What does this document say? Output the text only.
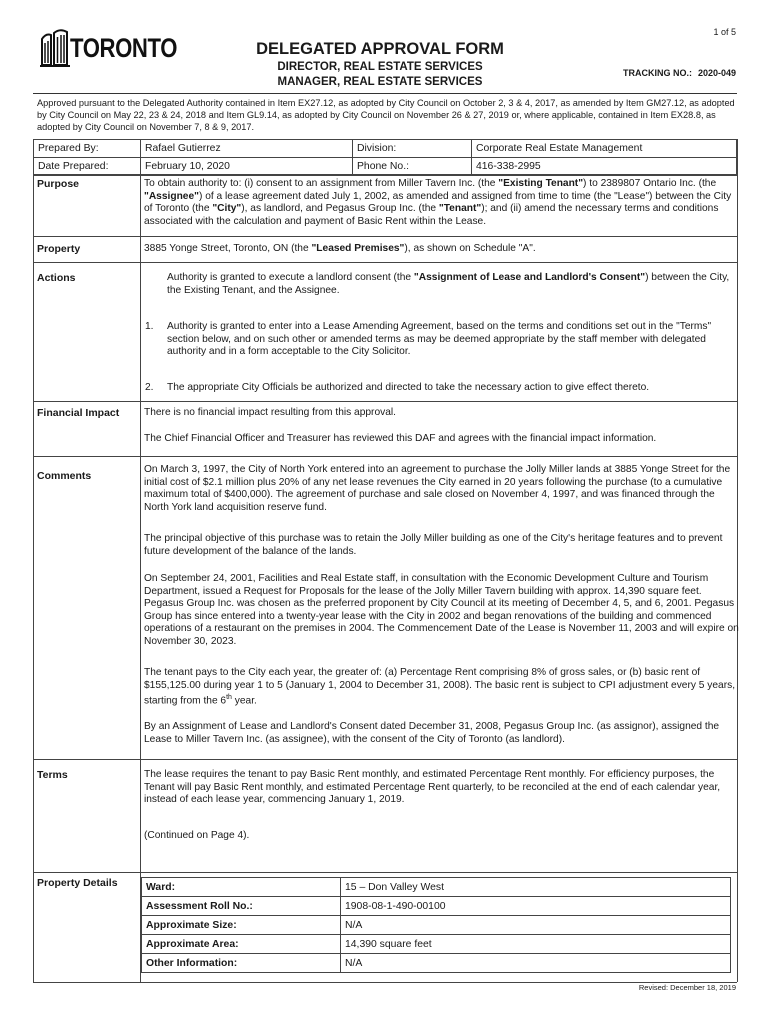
1 of 5
TORONTO	DELEGATED APPROVAL FORM
DIRECTOR, REAL ESTATE SERVICES
MANAGER, REAL ESTATE SERVICES
TRACKING NO.: 2020-049
Approved pursuant to the Delegated Authority contained in Item EX27.12, as adopted by City Council on October 2, 3 & 4, 2017, as amended by Item GM27.12, as adopted by City Council on May 22, 23 & 24, 2018 and Item GL9.14, as adopted by City Council on November 26 & 27, 2019 or, where applicable, contained in Item EX28.8, as adopted by City Council on November 7, 8 & 9, 2017.
Prepared By:	Rafael Gutierrez	Division:	Corporate Real Estate Management
Date Prepared:	February 10, 2020	Phone No.:	416-338-2995
Purpose	To obtain authority to: (i) consent to an assignment from Miller Tavern Inc. (the "Existing Tenant") to 2389807 Ontario Inc. (the "Assignee") of a lease agreement dated July 1, 2002, as amended and assigned from time to time (the "Lease") between the City of Toronto (the "City"), as landlord, and Pegasus Group Inc. (the "Tenant"); and (ii) amend the necessary terms and conditions associated with the calculation and payment of Basic Rent within the Lease.
Property	3885 Yonge Street, Toronto, ON (the "Leased Premises"), as shown on Schedule "A".
Actions	Authority is granted to execute a landlord consent (the "Assignment of Lease and Landlord's Consent") between the City, the Existing Tenant, and the Assignee.
1. Authority is granted to enter into a Lease Amending Agreement, based on the terms and conditions set out in the "Terms" section below, and on such other or amended terms as may be deemed appropriate by the staff member with delegated authority and in a form acceptable to the City Solicitor.
2. The appropriate City Officials be authorized and directed to take the necessary action to give effect thereto.
Financial Impact There is no financial impact resulting from this approval.
The Chief Financial Officer and Treasurer has reviewed this DAF and agrees with the financial impact information.
Comments
On March 3, 1997, the City of North York entered into an agreement to purchase the Jolly Miller lands at 3885 Yonge Street for the initial cost of $2.1 million plus 20% of any net lease revenues the City earned in 20 years following the purchase (to a cumulative maximum total of $400,000). The agreement of purchase and sale closed on November 4, 1997, and was financed through the North York land acquisition reserve fund.
The principal objective of this purchase was to retain the Jolly Miller building as one of the City's heritage features and to prevent future development of the balance of the lands.
On September 24, 2001, Facilities and Real Estate staff, in consultation with the Economic Development Culture and Tourism Department, issued a Request for Proposals for the lease of the Jolly Miller Tavern building with approx. 14,390 square feet. Pegasus Group Inc. was chosen as the preferred proponent by City Council at its meeting of December 4, 5, and 6, 2001. Pegasus Group has since entered into a twenty-year lease with the City in 2002 and began renovations of the building and commenced operations of a restaurant on the premises in 2004. The Commencement Date of the Lease is November 11, 2003 and will expire on November 30, 2023.
The tenant pays to the City each year, the greater of: (a) Percentage Rent comprising 8% of gross sales, or (b) basic rent of $155,125.00 during year 1 to 5 (January 1, 2004 to December 31, 2008). The basic rent is subject to CPI adjustment every 5 years, starting from the 6th year.
By an Assignment of Lease and Landlord's Consent dated December 31, 2008, Pegasus Group Inc. (as assignor), assigned the Lease to Miller Tavern Inc. (as assignee), with the consent of the City of Toronto (as landlord).
Terms	The lease requires the tenant to pay Basic Rent monthly, and estimated Percentage Rent monthly. For efficiency purposes, the Tenant will pay Basic Rent monthly, and estimated Percentage Rent quarterly, to be reconciled at the end of each calendar year, instead of each lease year, commencing January 1, 2019.
(Continued on Page 4).
Property Details	Ward:	15 – Don Valley West
Assessment Roll No.:	1908-08-1-490-00100
Approximate Size:	N/A
Approximate Area:	14,390 square feet
Other Information:	N/A
Revised: December 18, 2019
